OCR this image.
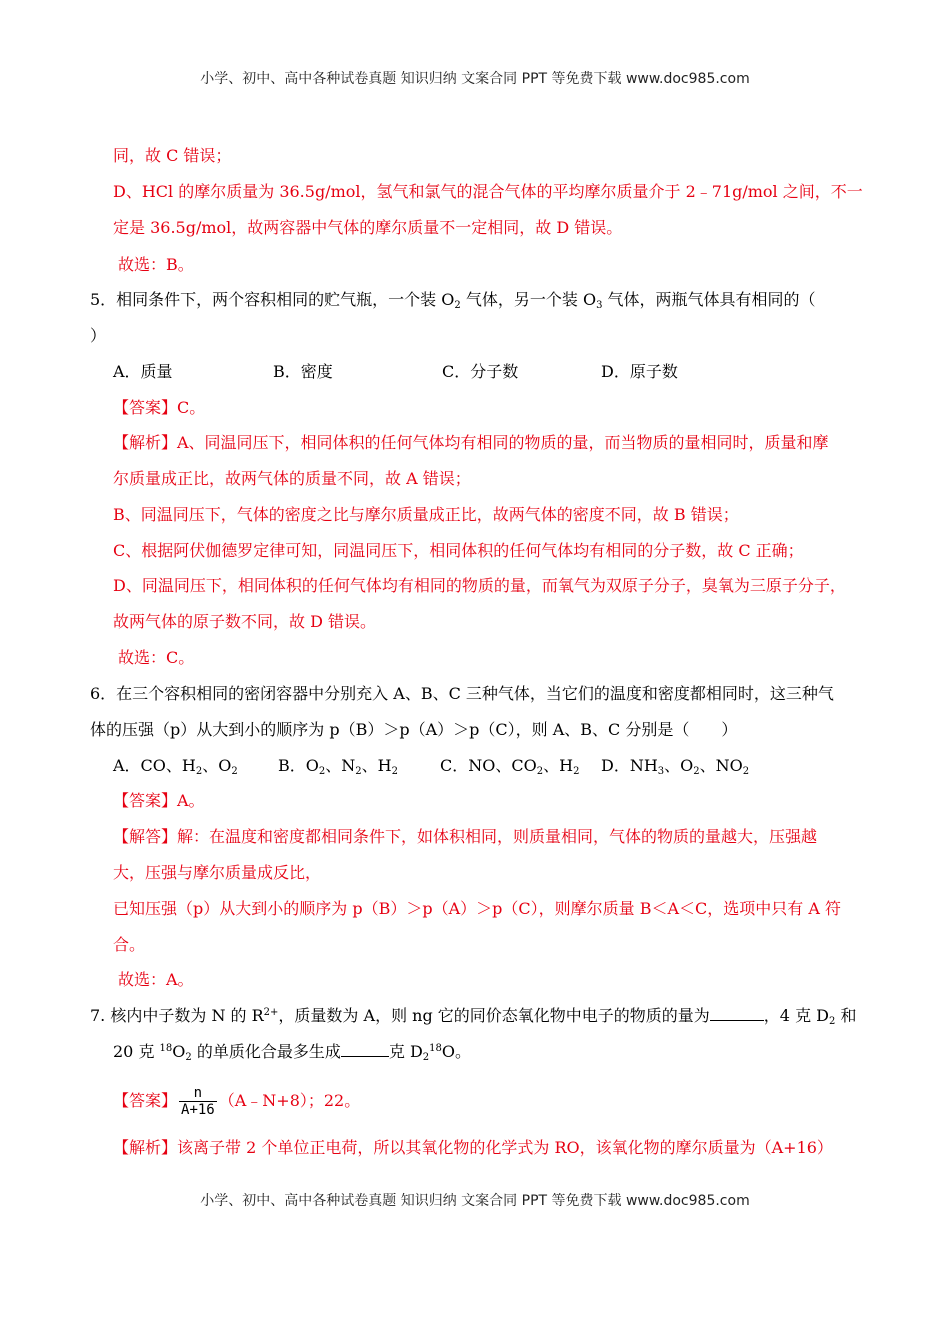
小学、初中、高中各种试卷真题 知识归纳 文案合同 PPT 等免费下载 www.doc985.com
同，故 C 错误；
D、HCl 的摩尔质量为 36.5g/mol，氢气和氯气的混合气体的平均摩尔质量介于 2﹣71g/mol 之间，不一
定是 36.5g/mol，故两容器中气体的摩尔质量不一定相同，故 D 错误。
故选：B。
5．相同条件下，两个容积相同的贮气瓶，一个装 $O_2$ 气体，另一个装 $O_3$ 气体，两瓶气体具有相同的（
）
A．质量	B．密度	C．分子数	D．原子数
【答案】C。
【解析】A、同温同压下，相同体积的任何气体均有相同的物质的量，而当物质的量相同时，质量和摩
尔质量成正比，故两气体的质量不同，故 A 错误；
B、同温同压下，气体的密度之比与摩尔质量成正比，故两气体的密度不同，故 B 错误；
C、根据阿伏伽德罗定律可知，同温同压下，相同体积的任何气体均有相同的分子数，故 C 正确；
D、同温同压下，相同体积的任何气体均有相同的物质的量，而氧气为双原子分子，臭氧为三原子分子，
故两气体的原子数不同，故 D 错误。
故选：C。
6．在三个容积相同的密闭容器中分别充入 A、B、C 三种气体，当它们的温度和密度都相同时，这三种气
体的压强（p）从大到小的顺序为 p（B）＞p（A）＞p（C），则 A、B、C 分别是（　　）
A．CO、$H_2$、$O_2$	B．$O_2$、$N_2$、$H_2$	C．NO、$CO_2$、$H_2$ D．$NH_3$、$O_2$、$NO_2$
【答案】A。
【解答】解：在温度和密度都相同条件下，如体积相同，则质量相同，气体的物质的量越大，压强越
大，压强与摩尔质量成反比，
已知压强（p）从大到小的顺序为 p（B）＞p（A）＞p（C），则摩尔质量 B＜A＜C，选项中只有 A 符
合。
故选：A。
7. 核内中子数为 N 的 $R^{2+}$，质量数为 A，则 ng 它的同价态氧化物中电子的物质的量为	，4 克 $D_2$ 和
20 克 $^{18}O_2$ 的单质化合最多生成	克 $D_2^{18}O$。
【答案】 $\frac{n}{A+16}$ （A﹣N+8）；22。
【解析】该离子带 2 个单位正电荷，所以其氧化物的化学式为 RO，该氧化物的摩尔质量为（A+16）
小学、初中、高中各种试卷真题 知识归纳 文案合同 PPT 等免费下载 www.doc985.com
